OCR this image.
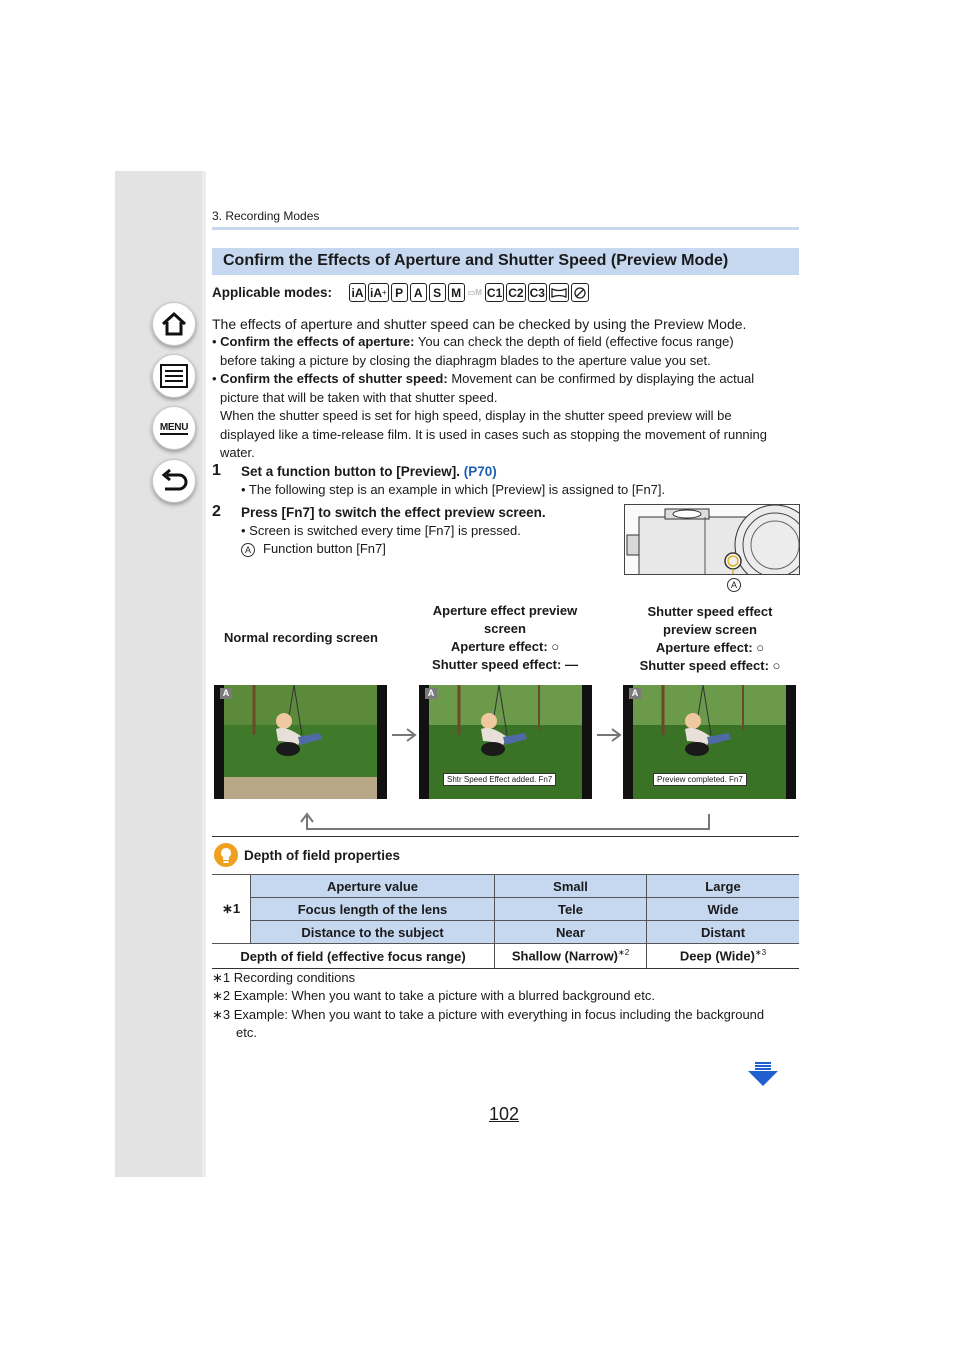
MENU
3. Recording Modes
Confirm the Effects of Aperture and Shutter Speed (Preview Mode)
Applicable modes: iA iA + P A S M ▭M C1 C2 C3
The effects of aperture and shutter speed can be checked by using the Preview Mode.
• Confirm the effects of aperture: You can check the depth of field (effective focus range)
before taking a picture by closing the diaphragm blades to the aperture value you set.
• Confirm the effects of shutter speed: Movement can be confirmed by displaying the actual
picture that will be taken with that shutter speed.
When the shutter speed is set for high speed, display in the shutter speed preview will be
displayed like a time-release film. It is used in cases such as stopping the movement of running
water.
1 Set a function button to [Preview]. (P70)
• The following step is an example in which [Preview] is assigned to [Fn7].
2 Press [Fn7] to switch the effect preview screen.
• Screen is switched every time [Fn7] is pressed.
A Function button [Fn7]
A
Normal recording screen
Aperture effect preview
screen
Aperture effect: ○
Shutter speed effect: —
Shutter speed effect
preview screen
Aperture effect: ○
Shutter speed effect: ○
A	A
Shtr Speed Effect added. Fn7
A
Preview completed. Fn7
Depth of field properties
∗1	Aperture value	Small	Large
	Focus length of the lens	Tele	Wide
	Distance to the subject	Near	Distant
Depth of field (effective focus range)		Shallow (Narrow)$^{∗2}$	Deep (Wide)$^{∗3}$
∗1 Recording conditions
∗2 Example: When you want to take a picture with a blurred background etc.
∗3 Example: When you want to take a picture with everything in focus including the background
etc.
102
